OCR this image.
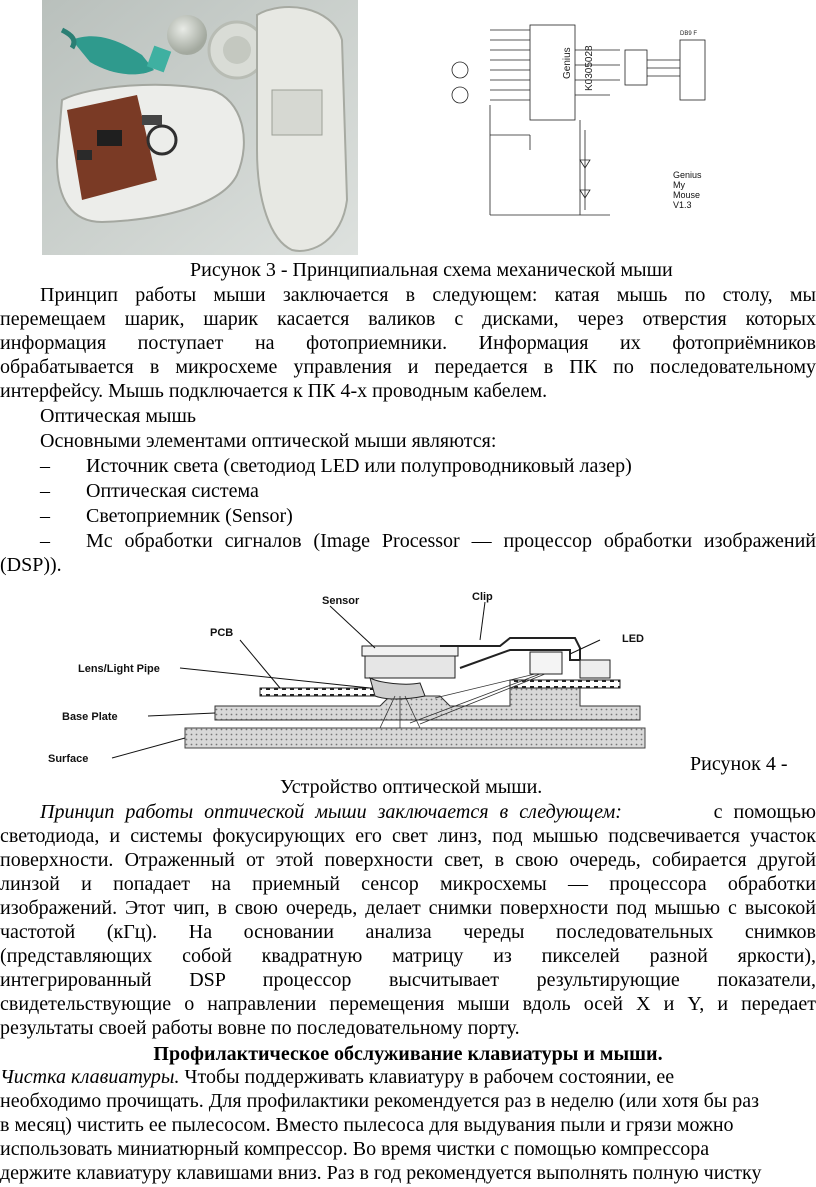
Genius K0305028
DB9 F
Genius
My
Mouse
V1.3
Рисунок 3 - Принципиальная схема механической мыши
Принцип работы мыши заключается в следующем: катая мышь по столу, мы
перемещаем шарик, шарик касается валиков с дисками, через отверстия которых
информация поступает на фотоприемники. Информация их фотоприёмников
обрабатывается в микросхеме управления и передается в ПК по последовательному
интерфейсу. Мышь подключается к ПК 4-х проводным кабелем.
Оптическая мышь
Основными элементами оптической мыши являются:
– Источник света (светодиод LED или полупроводниковый лазер)
– Оптическая система
– Светоприемник (Sensor)
– Мс обработки сигналов (Image Processor — процессор обработки изображений
(DSP)).
Sensor	Clip
PCB	LED
Lens/Light Pipe
Base Plate
Surface	Рисунок 4 -
Устройство оптической мыши.
Принцип работы оптической мыши заключается в следующем:	с помощью
светодиода, и системы фокусирующих его свет линз, под мышью подсвечивается участок
поверхности. Отраженный от этой поверхности свет, в свою очередь, собирается другой
линзой и попадает на приемный сенсор микросхемы — процессора обработки
изображений. Этот чип, в свою очередь, делает снимки поверхности под мышью с высокой
частотой (кГц). На основании анализа череды последовательных снимков
(представляющих собой квадратную матрицу из пикселей разной яркости),
интегрированный DSP процессор высчитывает результирующие показатели,
свидетельствующие о направлении перемещения мыши вдоль осей X и Y, и передает
результаты своей работы вовне по последовательному порту.
Профилактическое обслуживание клавиатуры и мыши.
Чистка клавиатуры. Чтобы поддерживать клавиатуру в рабочем состоянии, ее
необходимо прочищать. Для профилактики рекомендуется раз в неделю (или хотя бы раз
в месяц) чистить ее пылесосом. Вместо пылесоса для выдувания пыли и грязи можно
использовать миниатюрный компрессор. Во время чистки с помощью компрессора
держите клавиатуру клавишами вниз. Раз в год рекомендуется выполнять полную чистку
